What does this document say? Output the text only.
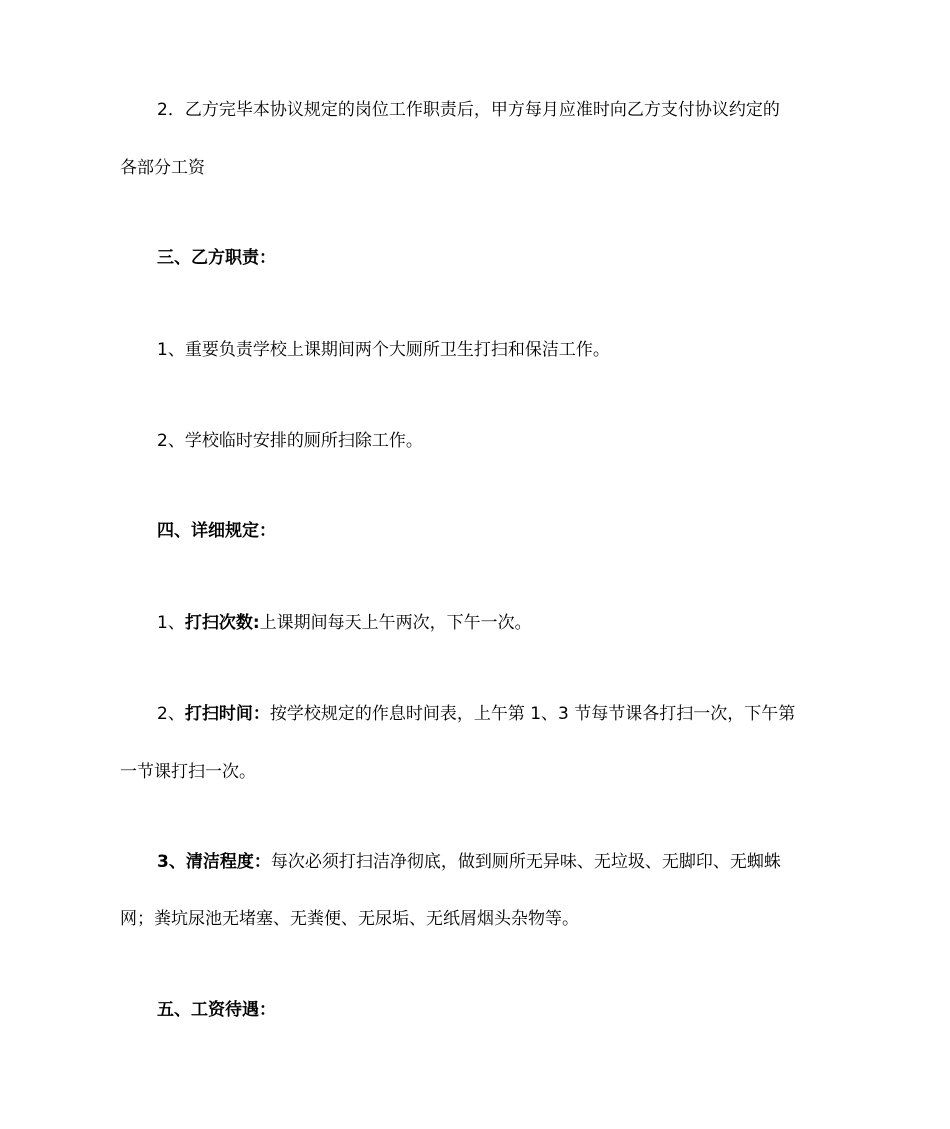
2．乙方完毕本协议规定的岗位工作职责后，甲方每月应准时向乙方支付协议约定的
各部分工资
三、乙方职责：
1、重要负责学校上课期间两个大厕所卫生打扫和保洁工作。
2、学校临时安排的厕所扫除工作。
四、详细规定：
1、打扫次数:上课期间每天上午两次，下午一次。
2、打扫时间：按学校规定的作息时间表，上午第 1、3 节每节课各打扫一次，下午第
一节课打扫一次。
3、清洁程度：每次必须打扫洁净彻底，做到厕所无异味、无垃圾、无脚印、无蜘蛛
网；粪坑尿池无堵塞、无粪便、无尿垢、无纸屑烟头杂物等。
五、工资待遇：
